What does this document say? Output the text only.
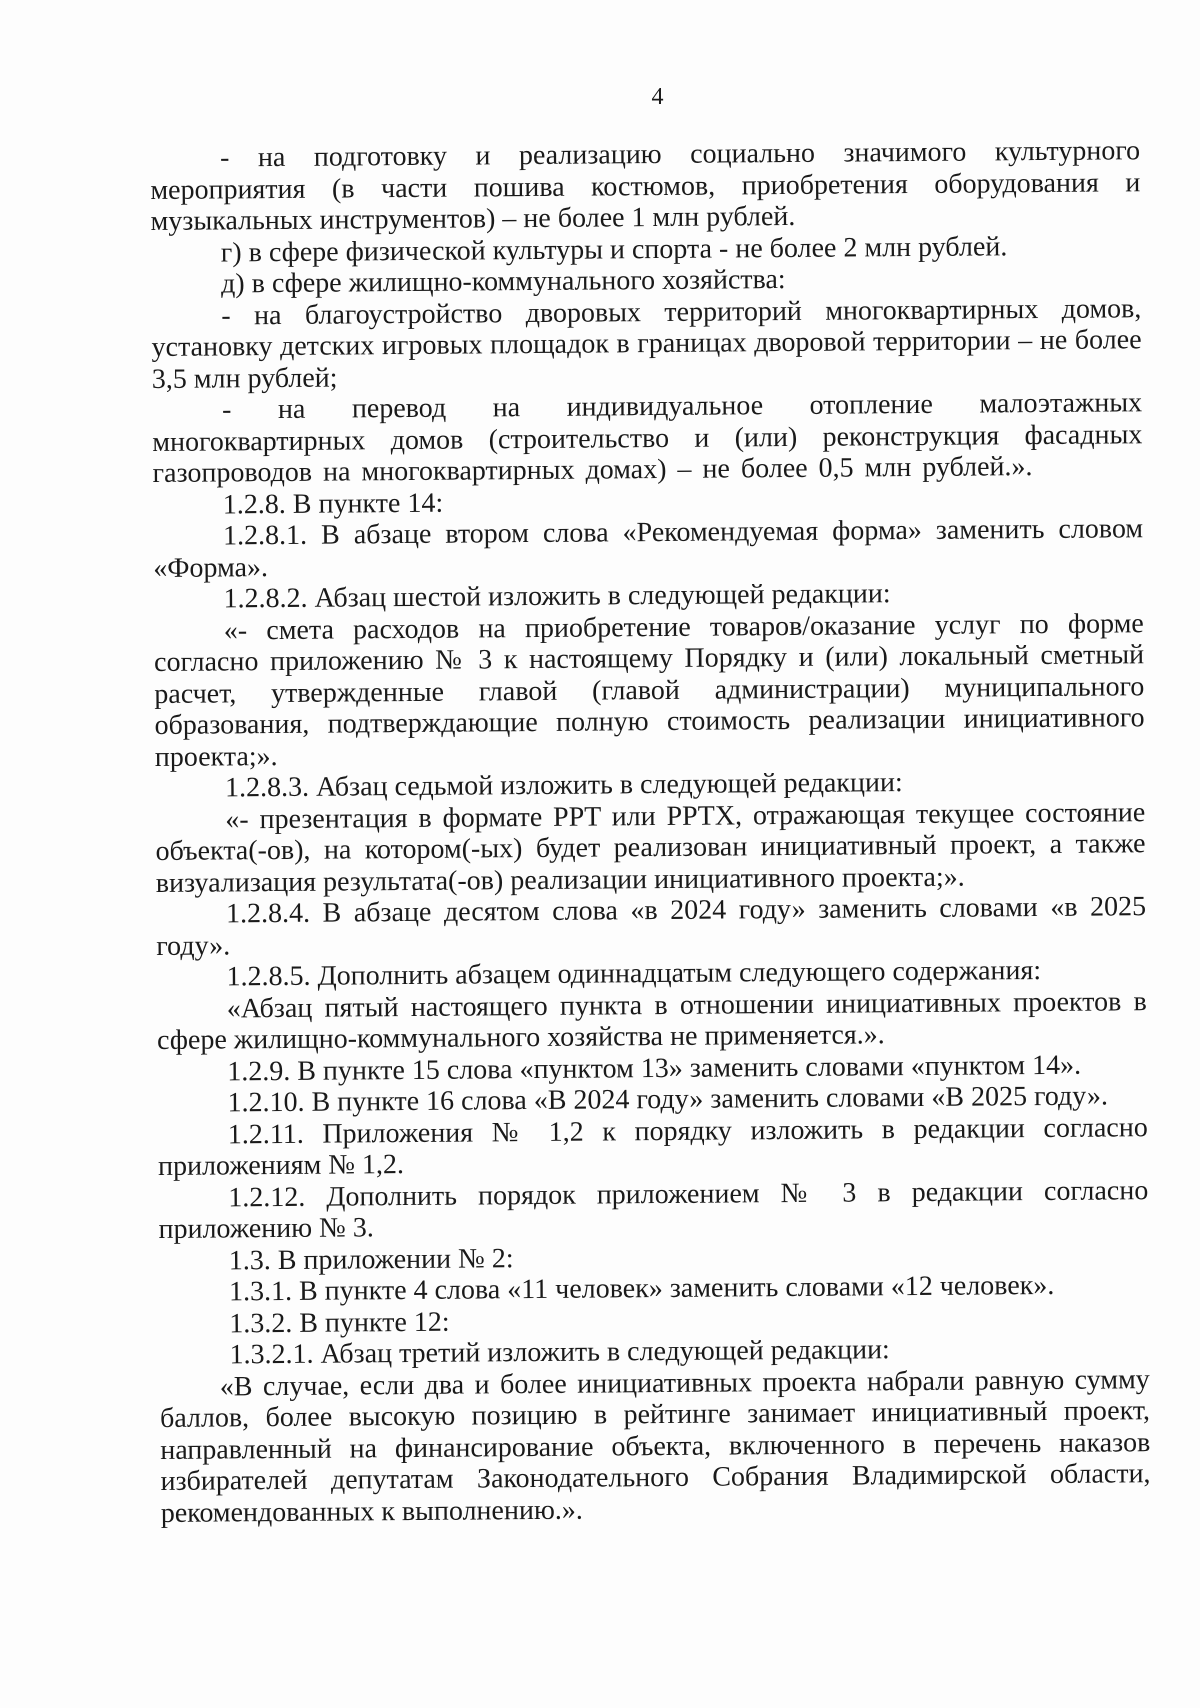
4

- на подготовку и реализацию социально значимого культурного мероприятия (в части пошива костюмов, приобретения оборудования и музыкальных инструментов) – не более 1 млн рублей.

г) в сфере физической культуры и спорта - не более 2 млн рублей.

д) в сфере жилищно-коммунального хозяйства:

- на благоустройство дворовых территорий многоквартирных домов, установку детских игровых площадок в границах дворовой территории – не более 3,5 млн рублей;

- на перевод на индивидуальное отопление малоэтажных многоквартирных домов (строительство и (или) реконструкция фасадных газопроводов на многоквартирных домах) – не более 0,5 млн рублей.».

1.2.8. В пункте 14:

1.2.8.1. В абзаце втором слова «Рекомендуемая форма» заменить словом «Форма».

1.2.8.2. Абзац шестой изложить в следующей редакции:

«- смета расходов на приобретение товаров/оказание услуг по форме согласно приложению № 3 к настоящему Порядку и (или) локальный сметный расчет, утвержденные главой (главой администрации) муниципального образования, подтверждающие полную стоимость реализации инициативного проекта;».

1.2.8.3. Абзац седьмой изложить в следующей редакции:

«- презентация в формате PPT или PPTX, отражающая текущее состояние объекта(-ов), на котором(-ых) будет реализован инициативный проект, а также визуализация результата(-ов) реализации инициативного проекта;».

1.2.8.4. В абзаце десятом слова «в 2024 году» заменить словами «в 2025 году».

1.2.8.5. Дополнить абзацем одиннадцатым следующего содержания:

«Абзац пятый настоящего пункта в отношении инициативных проектов в сфере жилищно-коммунального хозяйства не применяется.».

1.2.9. В пункте 15 слова «пунктом 13» заменить словами «пунктом 14».

1.2.10. В пункте 16 слова «В 2024 году» заменить словами «В 2025 году».

1.2.11. Приложения № 1,2 к порядку изложить в редакции согласно приложениям № 1,2.

1.2.12. Дополнить порядок приложением № 3 в редакции согласно приложению № 3.

1.3. В приложении № 2:

1.3.1. В пункте 4 слова «11 человек» заменить словами «12 человек».

1.3.2. В пункте 12:

1.3.2.1. Абзац третий изложить в следующей редакции:

«В случае, если два и более инициативных проекта набрали равную сумму баллов, более высокую позицию в рейтинге занимает инициативный проект, направленный на финансирование объекта, включенного в перечень наказов избирателей депутатам Законодательного Собрания Владимирской области, рекомендованных к выполнению.».
